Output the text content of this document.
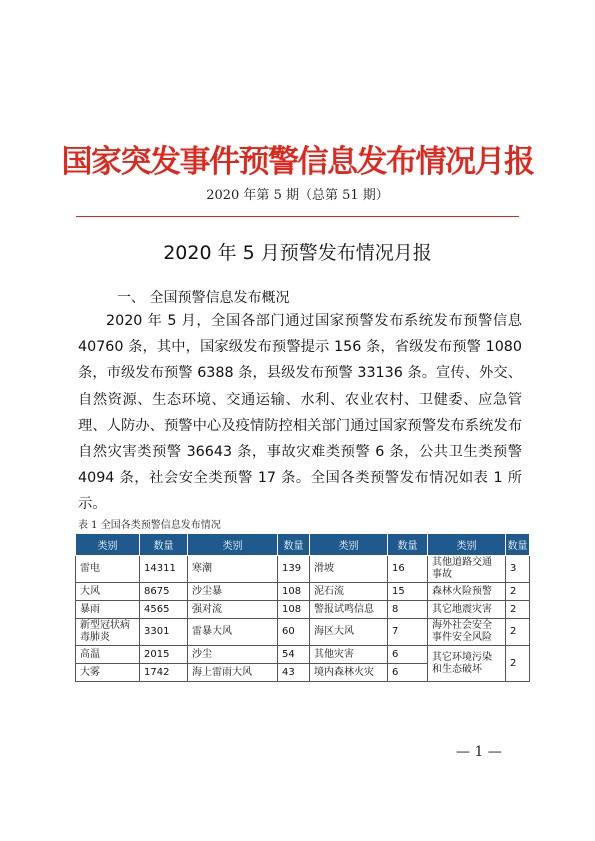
国家突发事件预警信息发布情况月报
2020 年第 5 期（总第 51 期）
2020 年 5 月预警发布情况月报
一、 全国预警信息发布概况
2020 年 5 月，全国各部门通过国家预警发布系统发布预警信息 40760 条，其中，国家级发布预警提示 156 条，省级发布预警 1080 条，市级发布预警 6388 条，县级发布预警 33136 条。宣传、外交、自然资源、生态环境、交通运输、水利、农业农村、卫健委、应急管理、人防办、预警中心及疫情防控相关部门通过国家预警发布系统发布自然灾害类预警 36643 条，事故灾难类预警 6 条，公共卫生类预警 4094 条，社会安全类预警 17 条。全国各类预警发布情况如表 1 所示。
表 1 全国各类预警信息发布情况
类别	数量	类别	数量	类别	数量	类别	数量
雷电	14311	寒潮	139	滑坡	16	其他道路交通事故	3
大风	8675	沙尘暴	108	泥石流	15	森林火险预警	2
暴雨	4565	强对流	108	警报试鸣信息	8	其它地震灾害	2
新型冠状病毒肺炎	3301	雷暴大风	60	海区大风	7	海外社会安全事件安全风险	2
高温	2015	沙尘	54	其他灾害	6	其它环境污染和生态破坏	2
大雾	1742	海上雷雨大风	43	境内森林火灾	6		
— 1 —
